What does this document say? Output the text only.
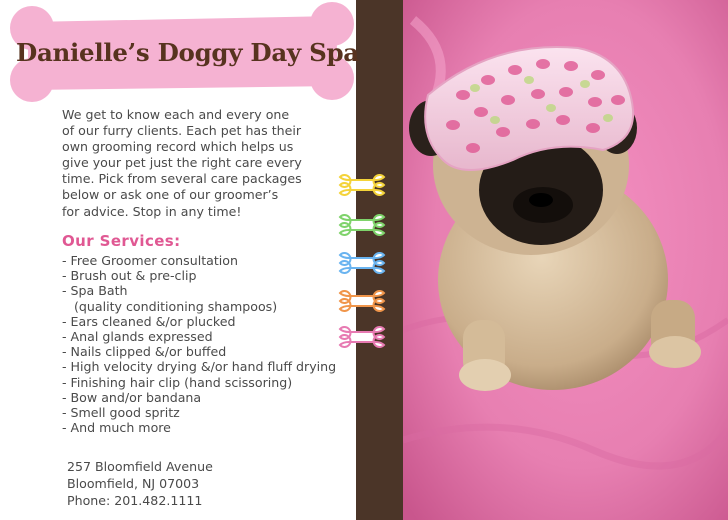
Danielle’s Doggy Day Spa
We get to know each and every one
of our furry clients. Each pet has their
own grooming record which helps us
give your pet just the right care every
time. Pick from several care packages
below or ask one of our groomer’s
for advice. Stop in any time!
Our Services:
- Free Groomer consultation
- Brush out & pre-clip
- Spa Bath
(quality conditioning shampoos)
- Ears cleaned &/or plucked
- Anal glands expressed
- Nails clipped &/or buffed
- High velocity drying &/or hand fluff drying
- Finishing hair clip (hand scissoring)
- Bow and/or bandana
- Smell good spritz
- And much more
257 Bloomfield Avenue
Bloomfield, NJ 07003
Phone: 201.482.1111
